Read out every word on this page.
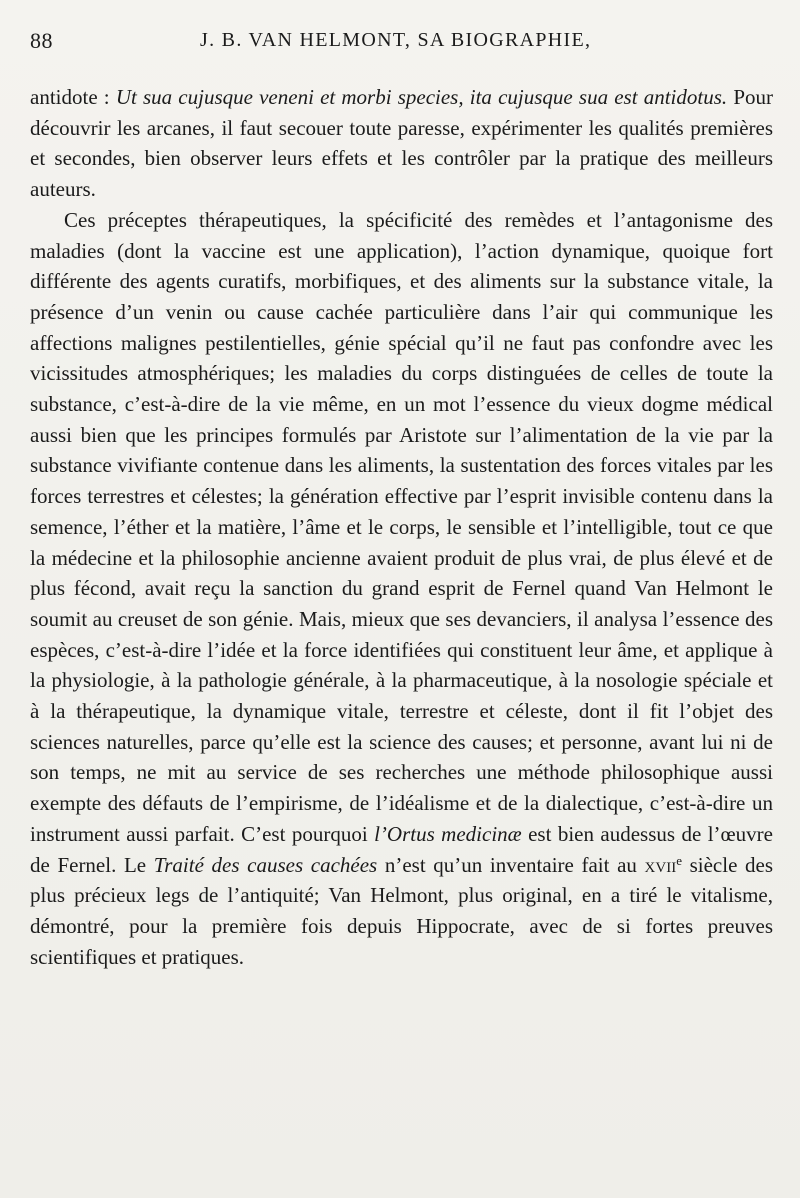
88	J. B. VAN HELMONT, SA BIOGRAPHIE,

antidote : Ut sua cujusque veneni et morbi species, ita cujusque sua est antidotus. Pour découvrir les arcanes, il faut secouer toute paresse, expérimenter les qualités premières et secondes, bien observer leurs effets et les contrôler par la pratique des meilleurs auteurs.

Ces préceptes thérapeutiques, la spécificité des remèdes et l’antagonisme des maladies (dont la vaccine est une application), l’action dynamique, quoique fort différente des agents curatifs, morbifiques, et des aliments sur la substance vitale, la présence d’un venin ou cause cachée particulière dans l’air qui communique les affections malignes pestilentielles, génie spécial qu’il ne faut pas confondre avec les vicissitudes atmosphériques; les maladies du corps distinguées de celles de toute la substance, c’est-à-dire de la vie même, en un mot l’essence du vieux dogme médical aussi bien que les principes formulés par Aristote sur l’alimentation de la vie par la substance vivifiante contenue dans les aliments, la sustentation des forces vitales par les forces terrestres et célestes; la génération effective par l’esprit invisible contenu dans la semence, l’éther et la matière, l’âme et le corps, le sensible et l’intelligible, tout ce que la médecine et la philosophie ancienne avaient produit de plus vrai, de plus élevé et de plus fécond, avait reçu la sanction du grand esprit de Fernel quand Van Helmont le soumit au creuset de son génie. Mais, mieux que ses devanciers, il analysa l’essence des espèces, c’est-à-dire l’idée et la force identifiées qui constituent leur âme, et applique à la physiologie, à la pathologie générale, à la pharmaceutique, à la nosologie spéciale et à la thérapeutique, la dynamique vitale, terrestre et céleste, dont il fit l’objet des sciences naturelles, parce qu’elle est la science des causes; et personne, avant lui ni de son temps, ne mit au service de ses recherches une méthode philosophique aussi exempte des défauts de l’empirisme, de l’idéalisme et de la dialectique, c’est-à-dire un instrument aussi parfait. C’est pourquoi l’Ortus medicinæ est bien audessus de l’œuvre de Fernel. Le Traité des causes cachées n’est qu’un inventaire fait au xvii$^e$ siècle des plus précieux legs de l’antiquité; Van Helmont, plus original, en a tiré le vitalisme, démontré, pour la première fois depuis Hippocrate, avec de si fortes preuves scientifiques et pratiques.
